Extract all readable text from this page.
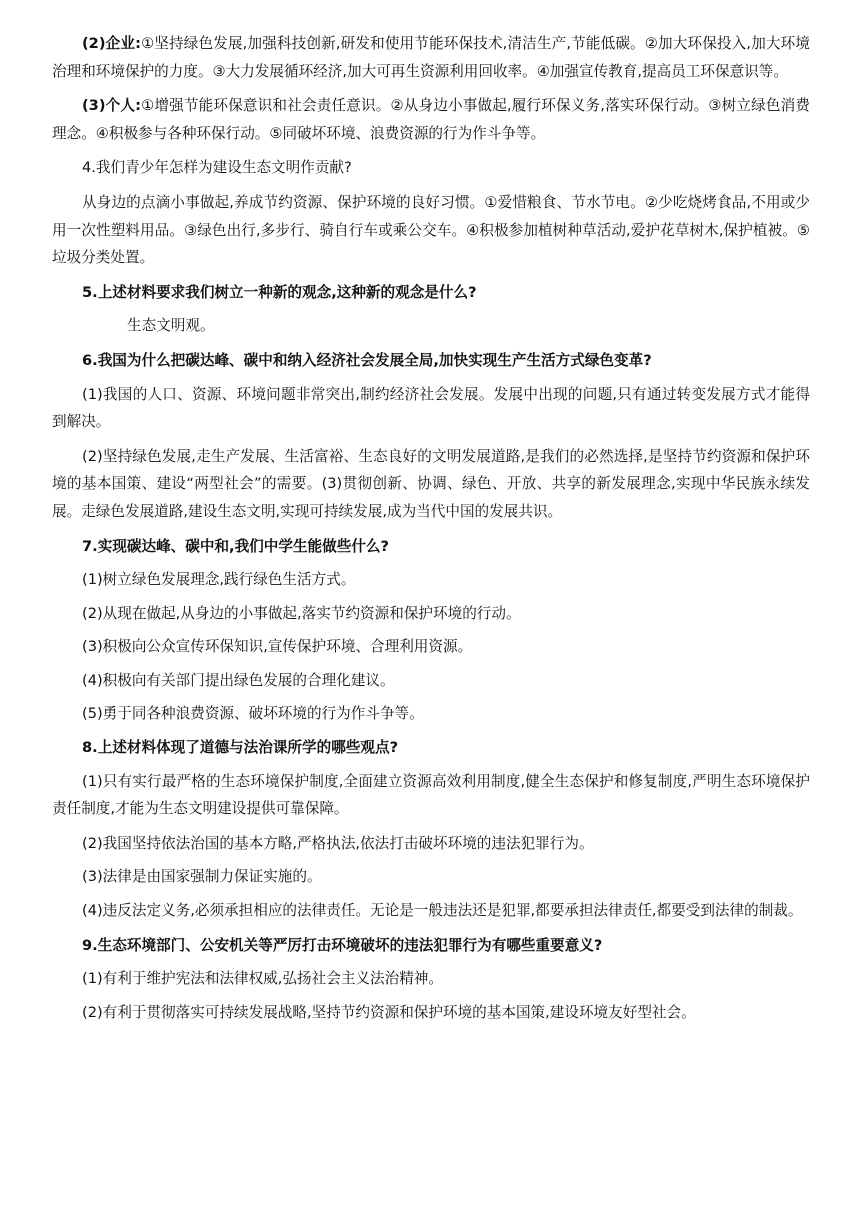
(2)企业:①坚持绿色发展,加强科技创新,研发和使用节能环保技术,清洁生产,节能低碳。②加大环保投入,加大环境治理和环境保护的力度。③大力发展循环经济,加大可再生资源利用回收率。④加强宣传教育,提高员工环保意识等。

(3)个人:①增强节能环保意识和社会责任意识。②从身边小事做起,履行环保义务,落实环保行动。③树立绿色消费理念。④积极参与各种环保行动。⑤同破坏环境、浪费资源的行为作斗争等。

4.我们青少年怎样为建设生态文明作贡献?

从身边的点滴小事做起,养成节约资源、保护环境的良好习惯。①爱惜粮食、节水节电。②少吃烧烤食品,不用或少用一次性塑料用品。③绿色出行,多步行、骑自行车或乘公交车。④积极参加植树种草活动,爱护花草树木,保护植被。⑤垃圾分类处置。

5.上述材料要求我们树立一种新的观念,这种新的观念是什么?

生态文明观。

6.我国为什么把碳达峰、碳中和纳入经济社会发展全局,加快实现生产生活方式绿色变革?

(1)我国的人口、资源、环境问题非常突出,制约经济社会发展。发展中出现的问题,只有通过转变发展方式才能得到解决。

(2)坚持绿色发展,走生产发展、生活富裕、生态良好的文明发展道路,是我们的必然选择,是坚持节约资源和保护环境的基本国策、建设“两型社会”的需要。(3)贯彻创新、协调、绿色、开放、共享的新发展理念,实现中华民族永续发展。走绿色发展道路,建设生态文明,实现可持续发展,成为当代中国的发展共识。

7.实现碳达峰、碳中和,我们中学生能做些什么?

(1)树立绿色发展理念,践行绿色生活方式。

(2)从现在做起,从身边的小事做起,落实节约资源和保护环境的行动。

(3)积极向公众宣传环保知识,宣传保护环境、合理利用资源。

(4)积极向有关部门提出绿色发展的合理化建议。

(5)勇于同各种浪费资源、破坏环境的行为作斗争等。

8.上述材料体现了道德与法治课所学的哪些观点?

(1)只有实行最严格的生态环境保护制度,全面建立资源高效利用制度,健全生态保护和修复制度,严明生态环境保护责任制度,才能为生态文明建设提供可靠保障。

(2)我国坚持依法治国的基本方略,严格执法,依法打击破坏环境的违法犯罪行为。

(3)法律是由国家强制力保证实施的。

(4)违反法定义务,必须承担相应的法律责任。无论是一般违法还是犯罪,都要承担法律责任,都要受到法律的制裁。

9.生态环境部门、公安机关等严厉打击环境破坏的违法犯罪行为有哪些重要意义?

(1)有利于维护宪法和法律权威,弘扬社会主义法治精神。

(2)有利于贯彻落实可持续发展战略,坚持节约资源和保护环境的基本国策,建设环境友好型社会。
